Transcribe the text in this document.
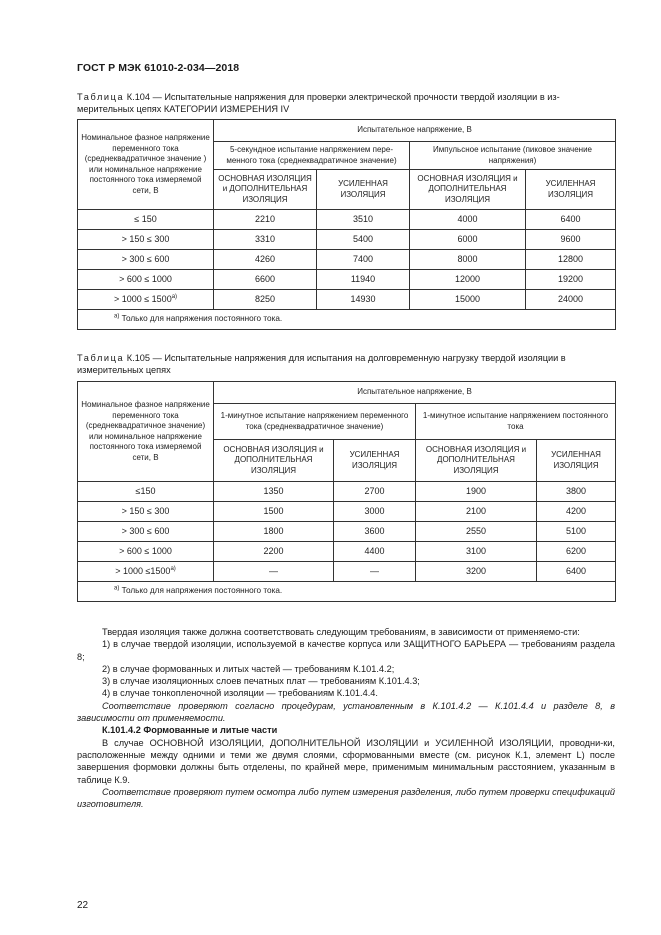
ГОСТ Р МЭК 61010-2-034—2018
Таблица К.104 — Испытательные напряжения для проверки электрической прочности твердой изоляции в из-мерительных цепях КАТЕГОРИИ ИЗМЕРЕНИЯ IV
Номинальное фазное напряжение переменного тока (среднеквадратичное значение ) или номинальное напряжение постоянного тока измеряемой сети, В	Испытательное напряжение, В			
	5-секундное испытание напряжением пере-менного тока (среднеквадратичное значение)		Импульсное испытание (пиковое значение напряжения)	
	ОСНОВНАЯ ИЗОЛЯЦИЯ и ДОПОЛНИТЕЛЬНАЯ ИЗОЛЯЦИЯ	УСИЛЕННАЯ ИЗОЛЯЦИЯ	ОСНОВНАЯ ИЗОЛЯЦИЯ и ДОПОЛНИТЕЛЬНАЯ ИЗОЛЯЦИЯ	УСИЛЕННАЯ ИЗОЛЯЦИЯ
≤ 150	2210	3510	4000	6400
> 150 ≤ 300	3310	5400	6000	9600
> 300 ≤ 600	4260	7400	8000	12800
> 600 ≤ 1000	6600	11940	12000	19200
> $1000 \le 1500^{а)}$	8250	14930	15000	24000
$^{а)}$ Только для напряжения постоянного тока.				
Таблица К.105 — Испытательные напряжения для испытания на долговременную нагрузку твердой изоляции в измерительных цепях
Номинальное фазное напряжение переменного тока (среднеквадратичное значение) или номинальное напряжение постоянного тока измеряемой сети, В	Испытательное напряжение, В			
	1-минутное испытание напряжением переменного тока (среднеквадратичное значение)		1-минутное испытание напряжением постоянного тока	
	ОСНОВНАЯ ИЗОЛЯЦИЯ и ДОПОЛНИТЕЛЬНАЯ ИЗОЛЯЦИЯ	УСИЛЕННАЯ ИЗОЛЯЦИЯ	ОСНОВНАЯ ИЗОЛЯЦИЯ и ДОПОЛНИТЕЛЬНАЯ ИЗОЛЯЦИЯ	УСИЛЕННАЯ ИЗОЛЯЦИЯ
≤150	1350	2700	1900	3800
> 150 ≤ 300	1500	3000	2100	4200
> 300 ≤ 600	1800	3600	2550	5100
> 600 ≤ 1000	2200	4400	3100	6200
> $1000 \le 1500^{а)}$	—	—	3200	6400
$^{а)}$ Только для напряжения постоянного тока.				
Твердая изоляция также должна соответствовать следующим требованиям, в зависимости от применяемо-сти:
1) в случае твердой изоляции, используемой в качестве корпуса или ЗАЩИТНОГО БАРЬЕРА — требованиям раздела 8;
2) в случае формованных и литых частей — требованиям К.101.4.2;
3) в случае изоляционных слоев печатных плат — требованиям К.101.4.3;
4) в случае тонкопленочной изоляции — требованиям К.101.4.4.
Соответствие проверяют согласно процедурам, установленным в К.101.4.2 — К.101.4.4 и разделе 8, в зависимости от применяемости.
К.101.4.2 Формованные и литые части
В случае ОСНОВНОЙ ИЗОЛЯЦИИ, ДОПОЛНИТЕЛЬНОЙ ИЗОЛЯЦИИ и УСИЛЕННОЙ ИЗОЛЯЦИИ, проводни-ки, расположенные между одними и теми же двумя слоями, сформованными вместе (см. рисунок К.1, элемент L) после завершения формовки должны быть отделены, по крайней мере, применимым минимальным расстоянием, указанным в таблице К.9.
Соответствие проверяют путем осмотра либо путем измерения разделения, либо путем проверки спецификаций изготовителя.
22
